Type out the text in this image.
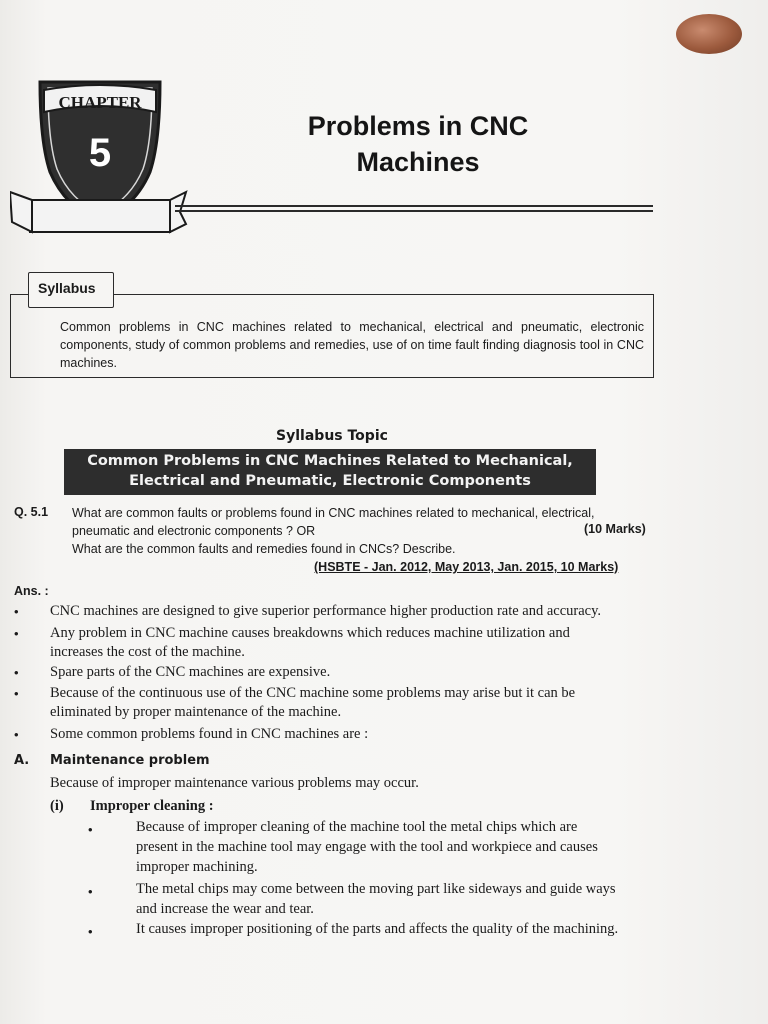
CHAPTER
5
Problems in CNC
Machines
Syllabus
Common problems in CNC machines related to mechanical, electrical and pneumatic, electronic components, study of common problems and remedies, use of on time fault finding diagnosis tool in CNC machines.
Syllabus Topic
Common Problems in CNC Machines Related to Mechanical,
Electrical and Pneumatic, Electronic Components
Q. 5.1 What are common faults or problems found in CNC machines related to mechanical, electrical,
pneumatic and electronic components ? OR
What are the common faults and remedies found in CNCs? Describe.
(10 Marks)
(HSBTE - Jan. 2012, May 2013, Jan. 2015, 10 Marks)
Ans. :
• CNC machines are designed to give superior performance higher production rate and accuracy.
• Any problem in CNC machine causes breakdowns which reduces machine utilization and
increases the cost of the machine.
• Spare parts of the CNC machines are expensive.
• Because of the continuous use of the CNC machine some problems may arise but it can be
eliminated by proper maintenance of the machine.
• Some common problems found in CNC machines are :
A. Maintenance problem
Because of improper maintenance various problems may occur.
(i) Improper cleaning :
•	Because of improper cleaning of the machine tool the metal chips which are
present in the machine tool may engage with the tool and workpiece and causes
improper machining.
•	The metal chips may come between the moving part like sideways and guide ways
and increase the wear and tear.
•	It causes improper positioning of the parts and affects the quality of the machining.
